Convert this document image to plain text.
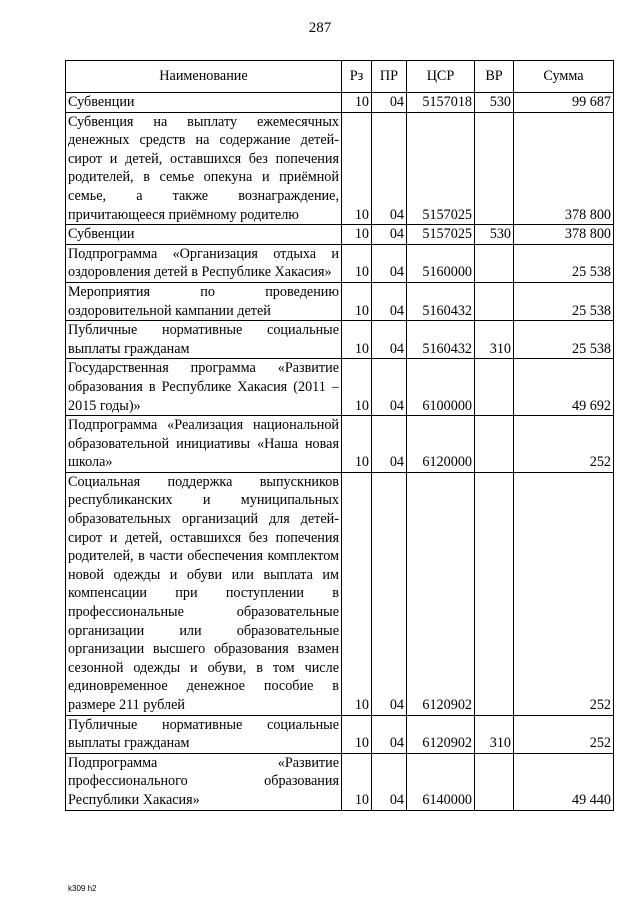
287
Наименование	Рз	ПР	ЦСР	ВР	Сумма
Субвенции	10	04	5157018	530	99 687
Субвенция на выплату ежемесячных денежных средств на содержание детей-сирот и детей, оставшихся без попечения родителей, в семье опекуна и приёмной семье, а также вознаграждение, причитающееся приёмному родителю	10	04	5157025		378 800
Субвенции	10	04	5157025	530	378 800
Подпрограмма «Организация отдыха и оздоровления детей в Республике Хакасия»	10	04	5160000		25 538
Мероприятия по проведению оздоровительной кампании детей	10	04	5160432		25 538
Публичные нормативные социальные выплаты гражданам	10	04	5160432	310	25 538
Государственная программа «Развитие образования в Республике Хакасия (2011 – 2015 годы)»	10	04	6100000		49 692
Подпрограмма «Реализация национальной образовательной инициативы «Наша новая школа»	10	04	6120000		252
Социальная поддержка выпускников республиканских и муниципальных образовательных организаций для детей-сирот и детей, оставшихся без попечения родителей, в части обеспечения комплектом новой одежды и обуви или выплата им компенсации при поступлении в профессиональные образовательные организации или образовательные организации высшего образования взамен сезонной одежды и обуви, в том числе единовременное денежное пособие в размере 211 рублей	10	04	6120902		252
Публичные нормативные социальные выплаты гражданам	10	04	6120902	310	252
Подпрограмма «Развитие профессионального образования Республики Хакасия»	10	04	6140000		49 440
k309 h2
